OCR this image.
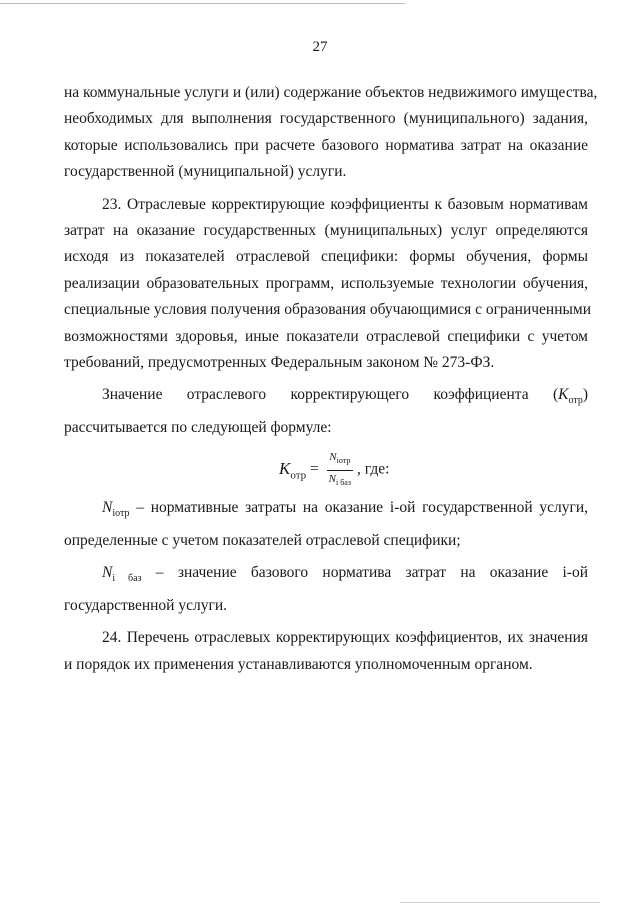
27
на коммунальные услуги и (или) содержание объектов недвижимого имущества,
необходимых для выполнения государственного (муниципального) задания,
которые использовались при расчете базового норматива затрат на оказание
государственной (муниципальной) услуги.
23. Отраслевые корректирующие коэффициенты к базовым нормативам
затрат на оказание государственных (муниципальных) услуг определяются
исходя из показателей отраслевой специфики: формы обучения, формы
реализации образовательных программ, используемые технологии обучения,
специальные условия получения образования обучающимися с ограниченными
возможностями здоровья, иные показатели отраслевой специфики с учетом
требований, предусмотренных Федеральным законом № 273-ФЗ.
Значение отраслевого корректирующего коэффициента $(K_{отр})$
рассчитывается по следующей формуле:
$K_{отр} = \frac{N_{iотр}}{N_{i баз}}$ , где:
$N_{iотр}$ – нормативные затраты на оказание i-ой государственной услуги,
определенные с учетом показателей отраслевой специфики;
$N_{i баз}$ – значение базового норматива затрат на оказание i-ой
государственной услуги.
24. Перечень отраслевых корректирующих коэффициентов, их значения
и порядок их применения устанавливаются уполномоченным органом.
